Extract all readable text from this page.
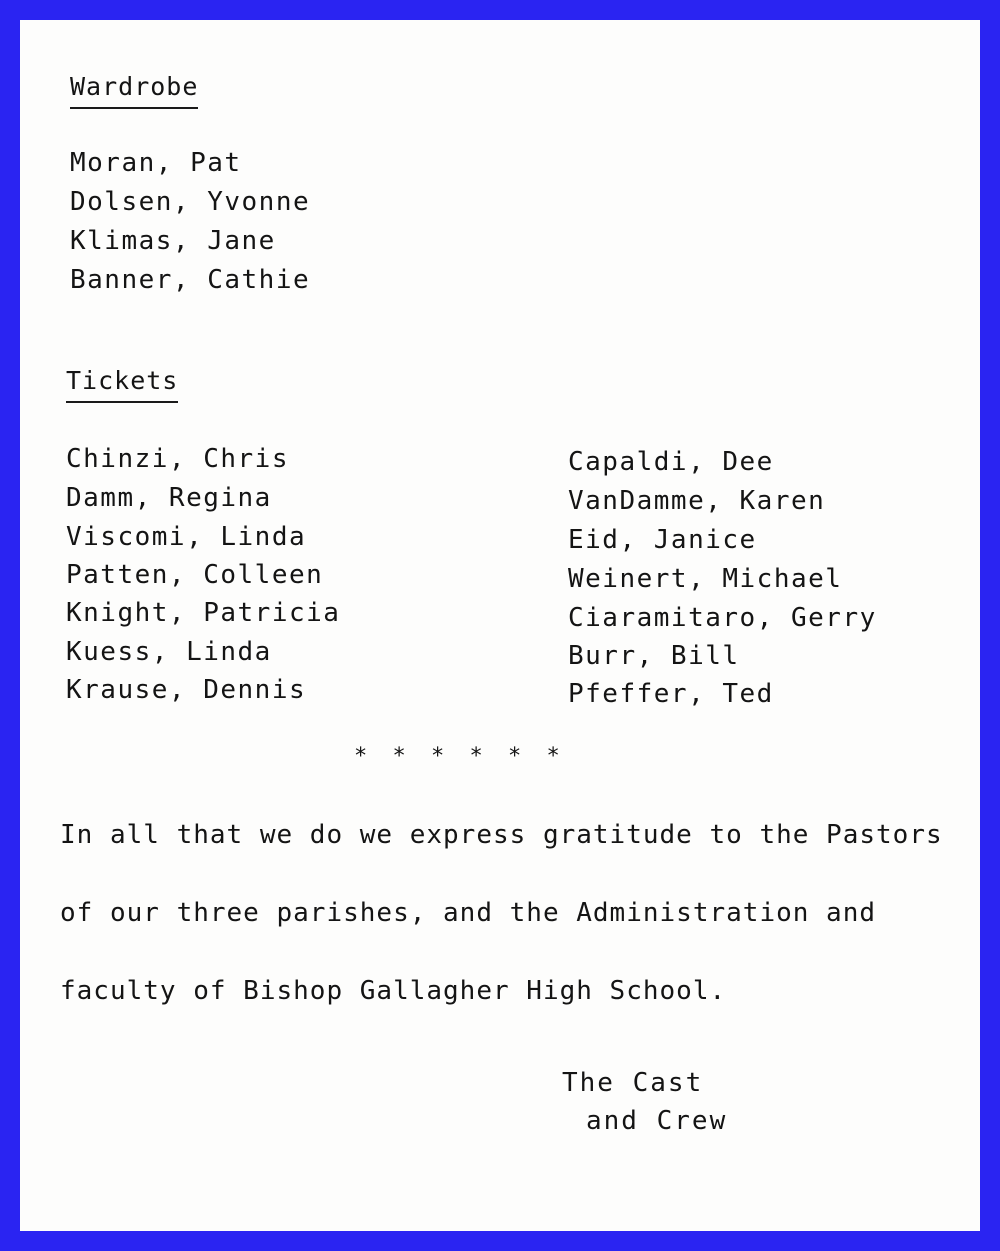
Wardrobe
Moran, Pat
Dolsen, Yvonne
Klimas, Jane
Banner, Cathie
Tickets
Chinzi, Chris
Damm, Regina
Viscomi, Linda
Patten, Colleen
Knight, Patricia
Kuess, Linda
Krause, Dennis
Capaldi, Dee
VanDamme, Karen
Eid, Janice
Weinert, Michael
Ciaramitaro, Gerry
Burr, Bill
Pfeffer, Ted
* * * * * *
In all that we do we express gratitude to the Pastors
of our three parishes, and the Administration and
faculty of Bishop Gallagher High School.
The Cast
and Crew
